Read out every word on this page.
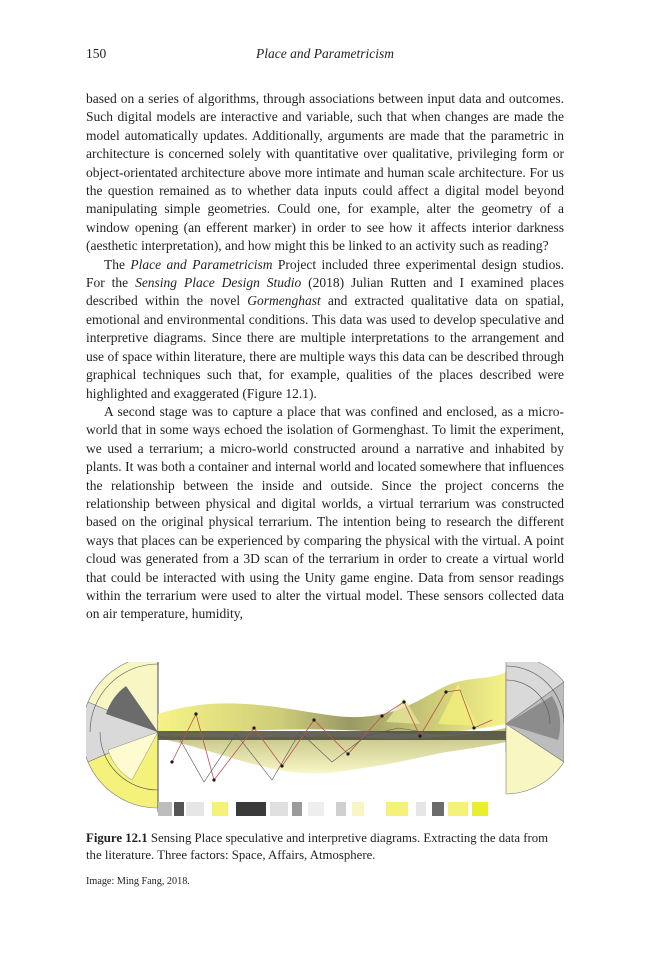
150	Place and Parametricism

based on a series of algorithms, through associations between input data and outcomes. Such digital models are interactive and variable, such that when changes are made the model automatically updates. Additionally, arguments are made that the parametric in architecture is concerned solely with quantitative over qualitative, privileging form or object-orientated architecture above more intimate and human scale architecture. For us the question remained as to whether data inputs could affect a digital model beyond manipulating simple geometries. Could one, for example, alter the geometry of a window opening (an efferent marker) in order to see how it affects interior darkness (aesthetic interpretation), and how might this be linked to an activity such as reading?

The Place and Parametricism Project included three experimental design studios. For the Sensing Place Design Studio (2018) Julian Rutten and I examined places described within the novel Gormenghast and extracted qualitative data on spatial, emotional and environmental conditions. This data was used to develop speculative and interpretive diagrams. Since there are multiple interpretations to the arrangement and use of space within literature, there are multiple ways this data can be described through graphical techniques such that, for example, qualities of the places described were highlighted and exaggerated (Figure 12.1).

A second stage was to capture a place that was confined and enclosed, as a micro-world that in some ways echoed the isolation of Gormenghast. To limit the experiment, we used a terrarium; a micro-world constructed around a narrative and inhabited by plants. It was both a container and internal world and located somewhere that influences the relationship between the inside and outside. Since the project concerns the relationship between physical and digital worlds, a virtual terrarium was constructed based on the original physical terrarium. The intention being to research the different ways that places can be experienced by comparing the physical with the virtual. A point cloud was generated from a 3D scan of the terrarium in order to create a virtual world that could be interacted with using the Unity game engine. Data from sensor readings within the terrarium were used to alter the virtual model. These sensors collected data on air temperature, humidity,

Figure 12.1 Sensing Place speculative and interpretive diagrams. Extracting the data from the literature. Three factors: Space, Affairs, Atmosphere.
Image: Ming Fang, 2018.
